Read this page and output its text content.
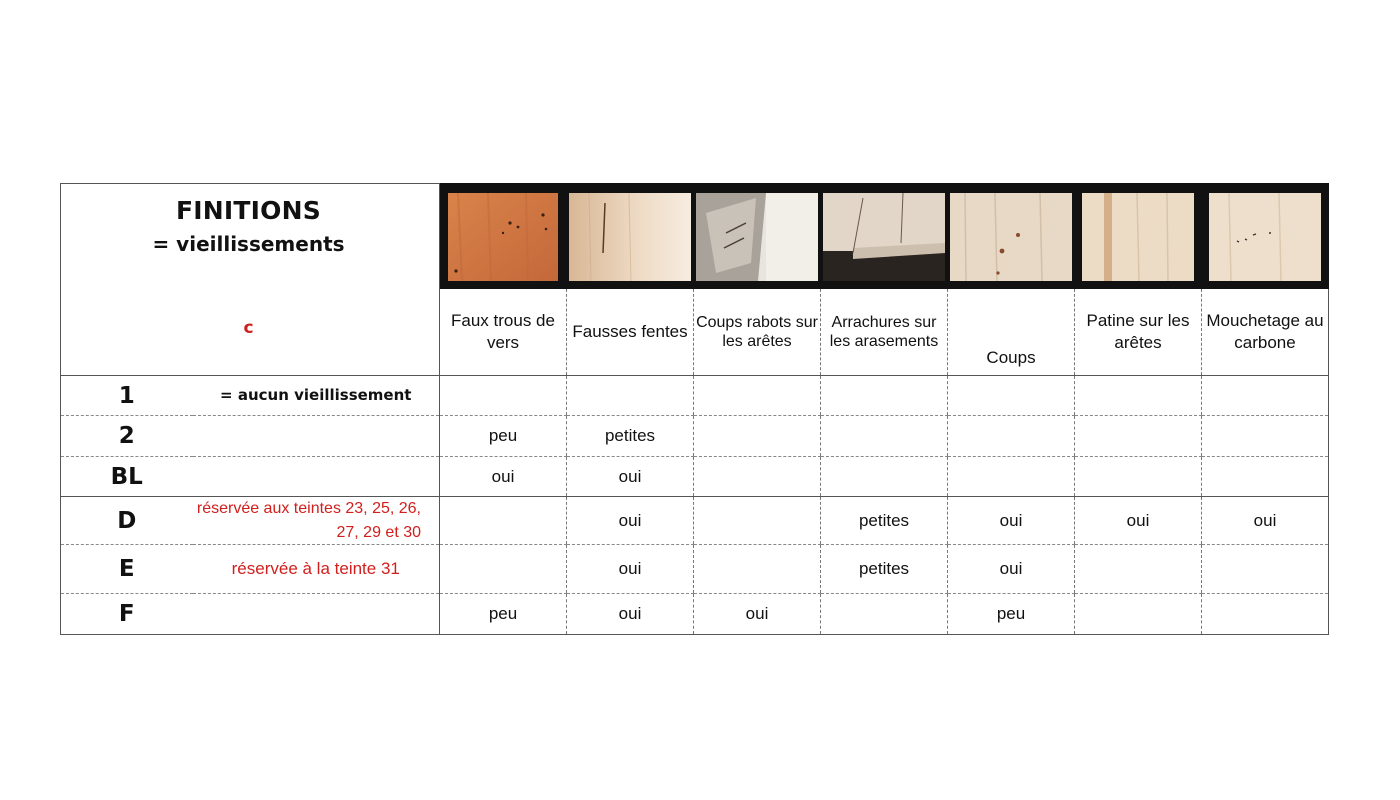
FINITIONS
= vieillissements
c

		Faux trous de vers	Fausses fentes	Coups rabots sur les arêtes	Arrachures sur les arasements	Coups	Patine sur les arêtes	Mouchetage au carbone
1	= aucun vieillissement							
2		peu	petites					
BL		oui	oui					
D	réservée aux teintes 23, 25, 26, 27, 29 et 30		oui		petites	oui	oui	oui
E	réservée à la teinte 31		oui		petites	oui		
F		peu	oui	oui		peu		
